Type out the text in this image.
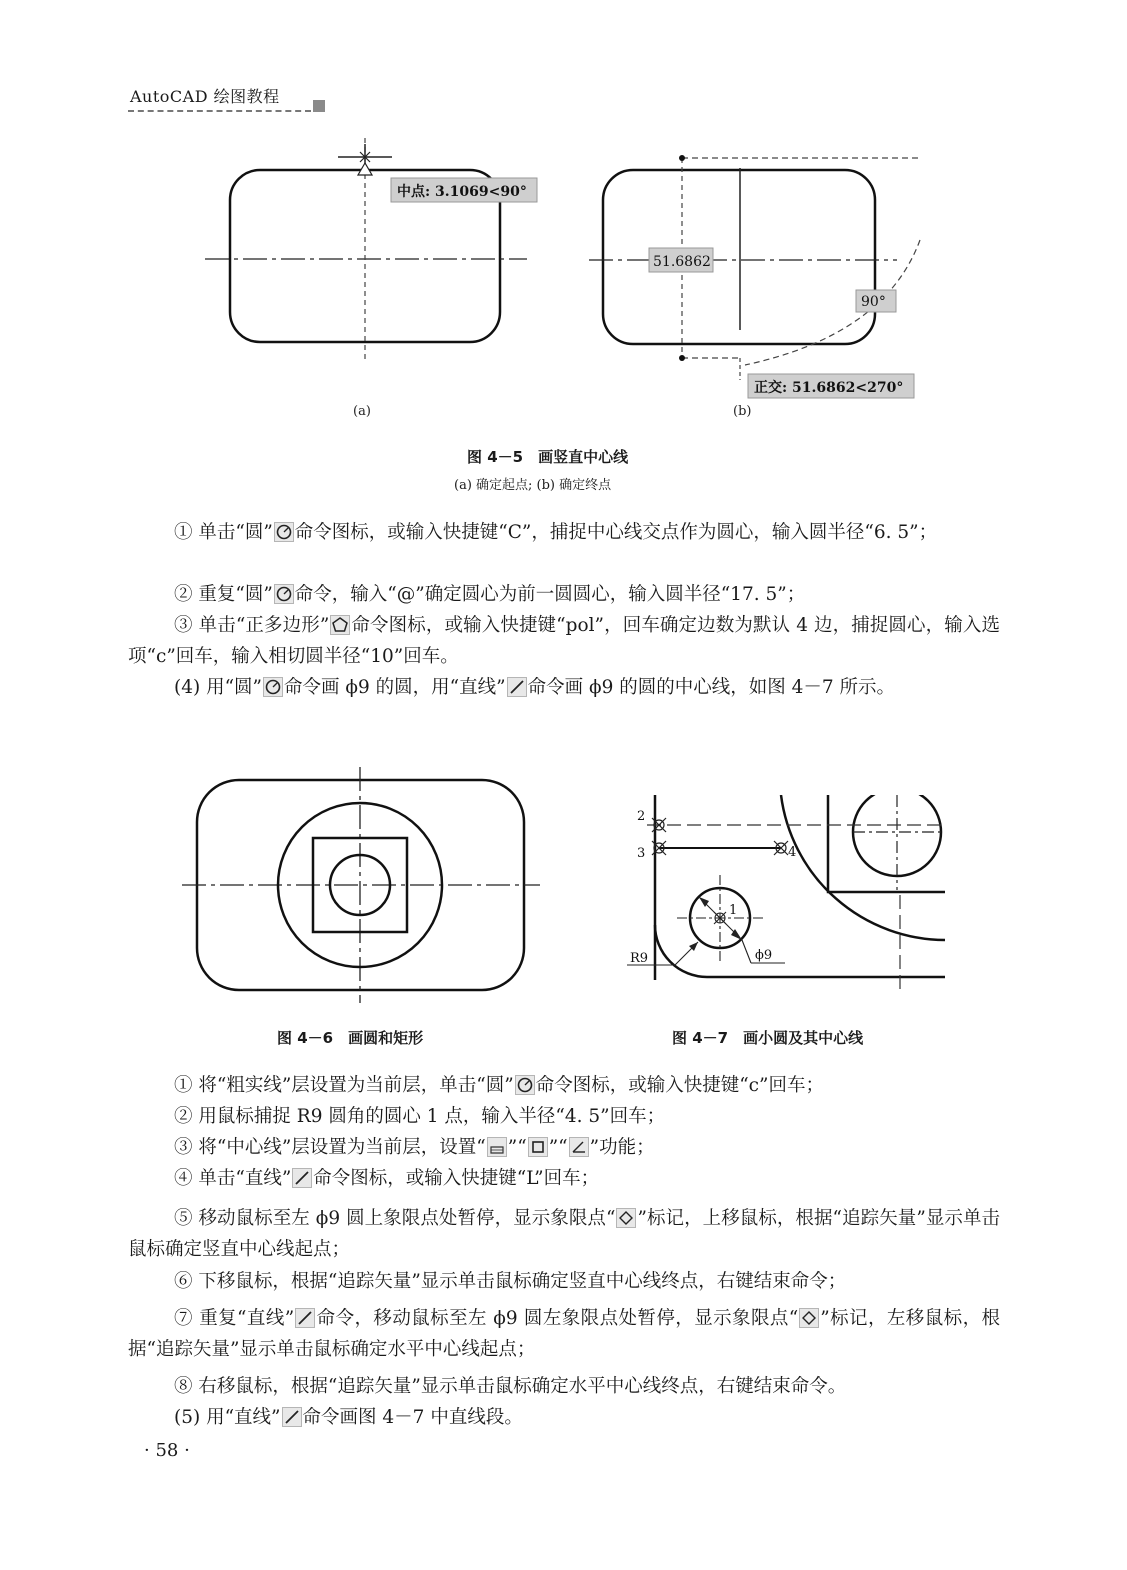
AutoCAD 绘图教程
中点: 3.1069<90°
(a)
51.6862
90°
正交: 51.6862<270°
(b)
图 4－5　画竖直中心线
(a) 确定起点; (b) 确定终点
① 单击“圆” 命令图标，或输入快捷键“C”，捕捉中心线交点作为圆心，输入圆半径“6. 5”；
② 重复“圆” 命令，输入“@”确定圆心为前一圆圆心，输入圆半径“17. 5”；
③ 单击“正多边形” 命令图标，或输入快捷键“pol”，回车确定边数为默认 4 边，捕捉圆心，输入选项“c”回车，输入相切圆半径“10”回车。
(4) 用“圆” 命令画 ϕ9 的圆，用“直线” 命令画 ϕ9 的圆的中心线，如图 4－7 所示。
图 4－6　画圆和矩形
2
3	4
1
R9	ϕ9
图 4－7　画小圆及其中心线
① 将“粗实线”层设置为当前层，单击“圆” 命令图标，或输入快捷键“c”回车；
② 用鼠标捕捉 R9 圆角的圆心 1 点，输入半径“4. 5”回车；
③ 将“中心线”层设置为当前层，设置“ ”“ ”“ ”功能；
④ 单击“直线” 命令图标，或输入快捷键“L”回车；
⑤ 移动鼠标至左 ϕ9 圆上象限点处暂停，显示象限点“ ”标记，上移鼠标，根据“追踪矢量”显示单击鼠标确定竖直中心线起点；
⑥ 下移鼠标，根据“追踪矢量”显示单击鼠标确定竖直中心线终点，右键结束命令；
⑦ 重复“直线” 命令，移动鼠标至左 ϕ9 圆左象限点处暂停，显示象限点“ ”标记，左移鼠标，根据“追踪矢量”显示单击鼠标确定水平中心线起点；
⑧ 右移鼠标，根据“追踪矢量”显示单击鼠标确定水平中心线终点，右键结束命令。
(5) 用“直线” 命令画图 4－7 中直线段。
· 58 ·
